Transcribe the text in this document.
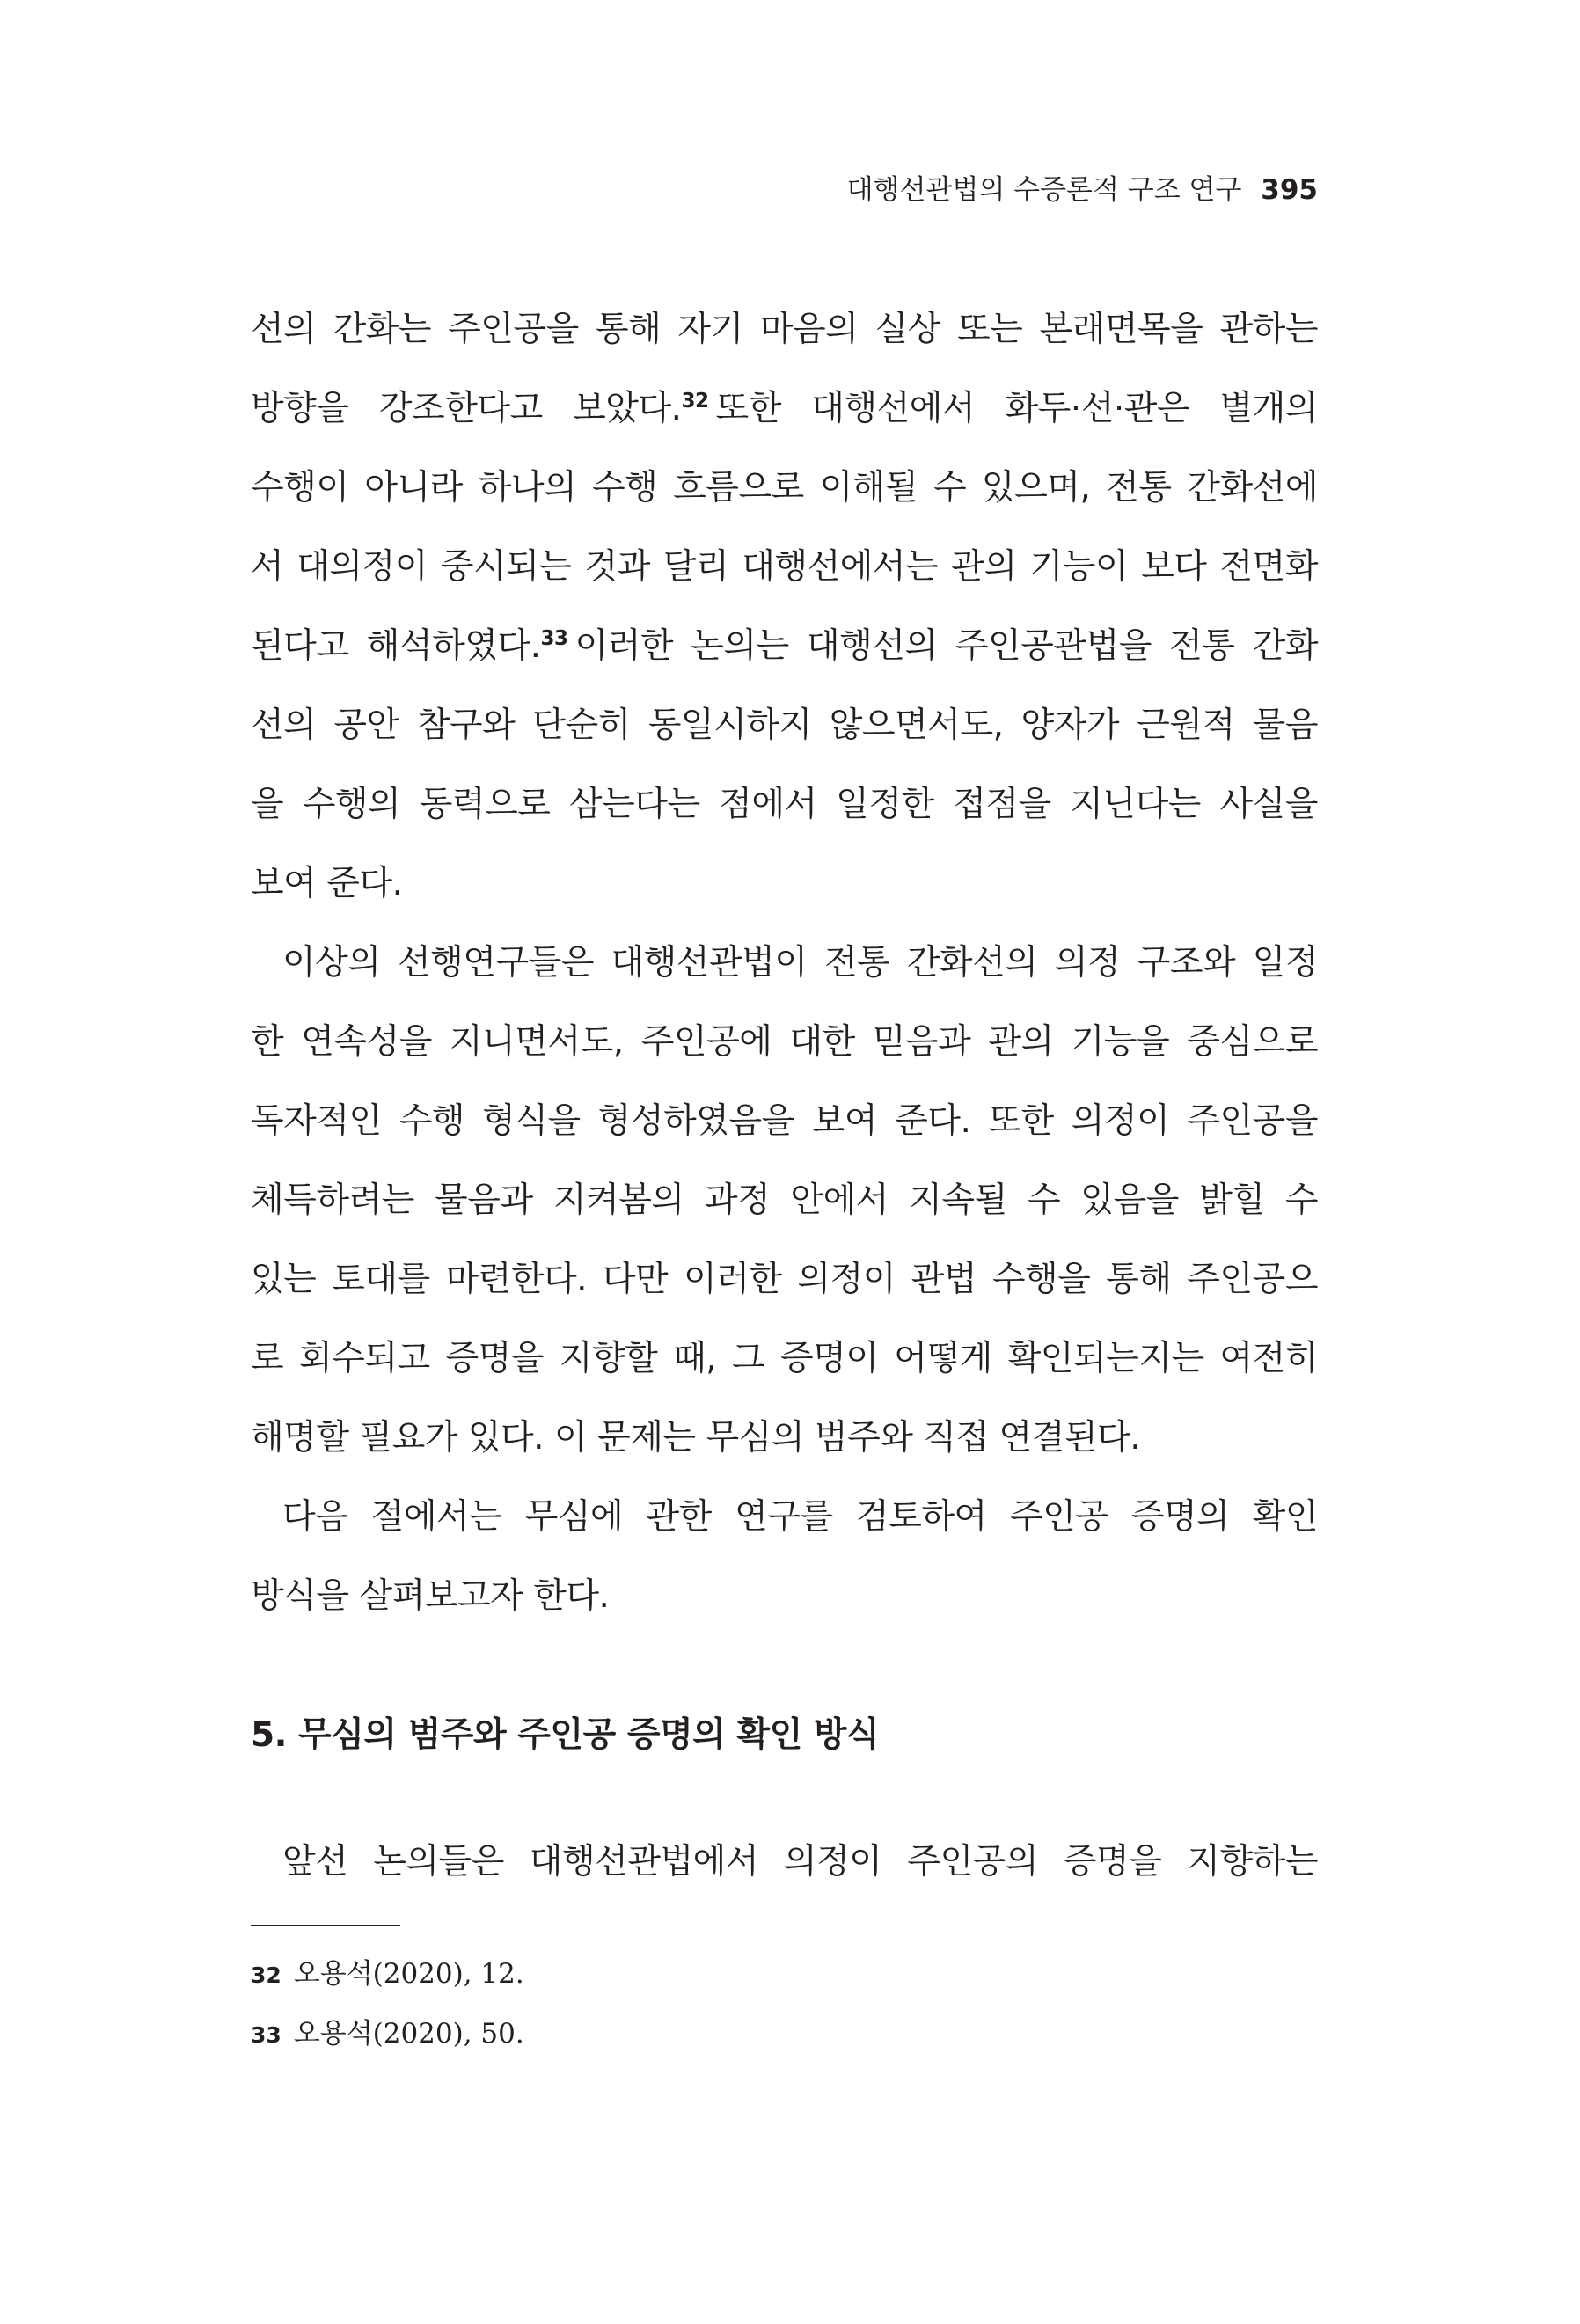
대행선관법의 수증론적 구조 연구 395
선의 간화는 주인공을 통해 자기 마음의 실상 또는 본래면목을 관하는
방향을 강조한다고 보았다.$^{32}$ 또한 대행선에서 화두·선·관은 별개의
수행이 아니라 하나의 수행 흐름으로 이해될 수 있으며, 전통 간화선에
서 대의정이 중시되는 것과 달리 대행선에서는 관의 기능이 보다 전면화
된다고 해석하였다.$^{33}$ 이러한 논의는 대행선의 주인공관법을 전통 간화
선의 공안 참구와 단순히 동일시하지 않으면서도, 양자가 근원적 물음
을 수행의 동력으로 삼는다는 점에서 일정한 접점을 지닌다는 사실을
보여 준다.
이상의 선행연구들은 대행선관법이 전통 간화선의 의정 구조와 일정
한 연속성을 지니면서도, 주인공에 대한 믿음과 관의 기능을 중심으로
독자적인 수행 형식을 형성하였음을 보여 준다. 또한 의정이 주인공을
체득하려는 물음과 지켜봄의 과정 안에서 지속될 수 있음을 밝힐 수
있는 토대를 마련한다. 다만 이러한 의정이 관법 수행을 통해 주인공으
로 회수되고 증명을 지향할 때, 그 증명이 어떻게 확인되는지는 여전히
해명할 필요가 있다. 이 문제는 무심의 범주와 직접 연결된다.
다음 절에서는 무심에 관한 연구를 검토하여 주인공 증명의 확인
방식을 살펴보고자 한다.
5. 무심의 범주와 주인공 증명의 확인 방식
앞선 논의들은 대행선관법에서 의정이 주인공의 증명을 지향하는
32 오용석(2020), 12.
33 오용석(2020), 50.
